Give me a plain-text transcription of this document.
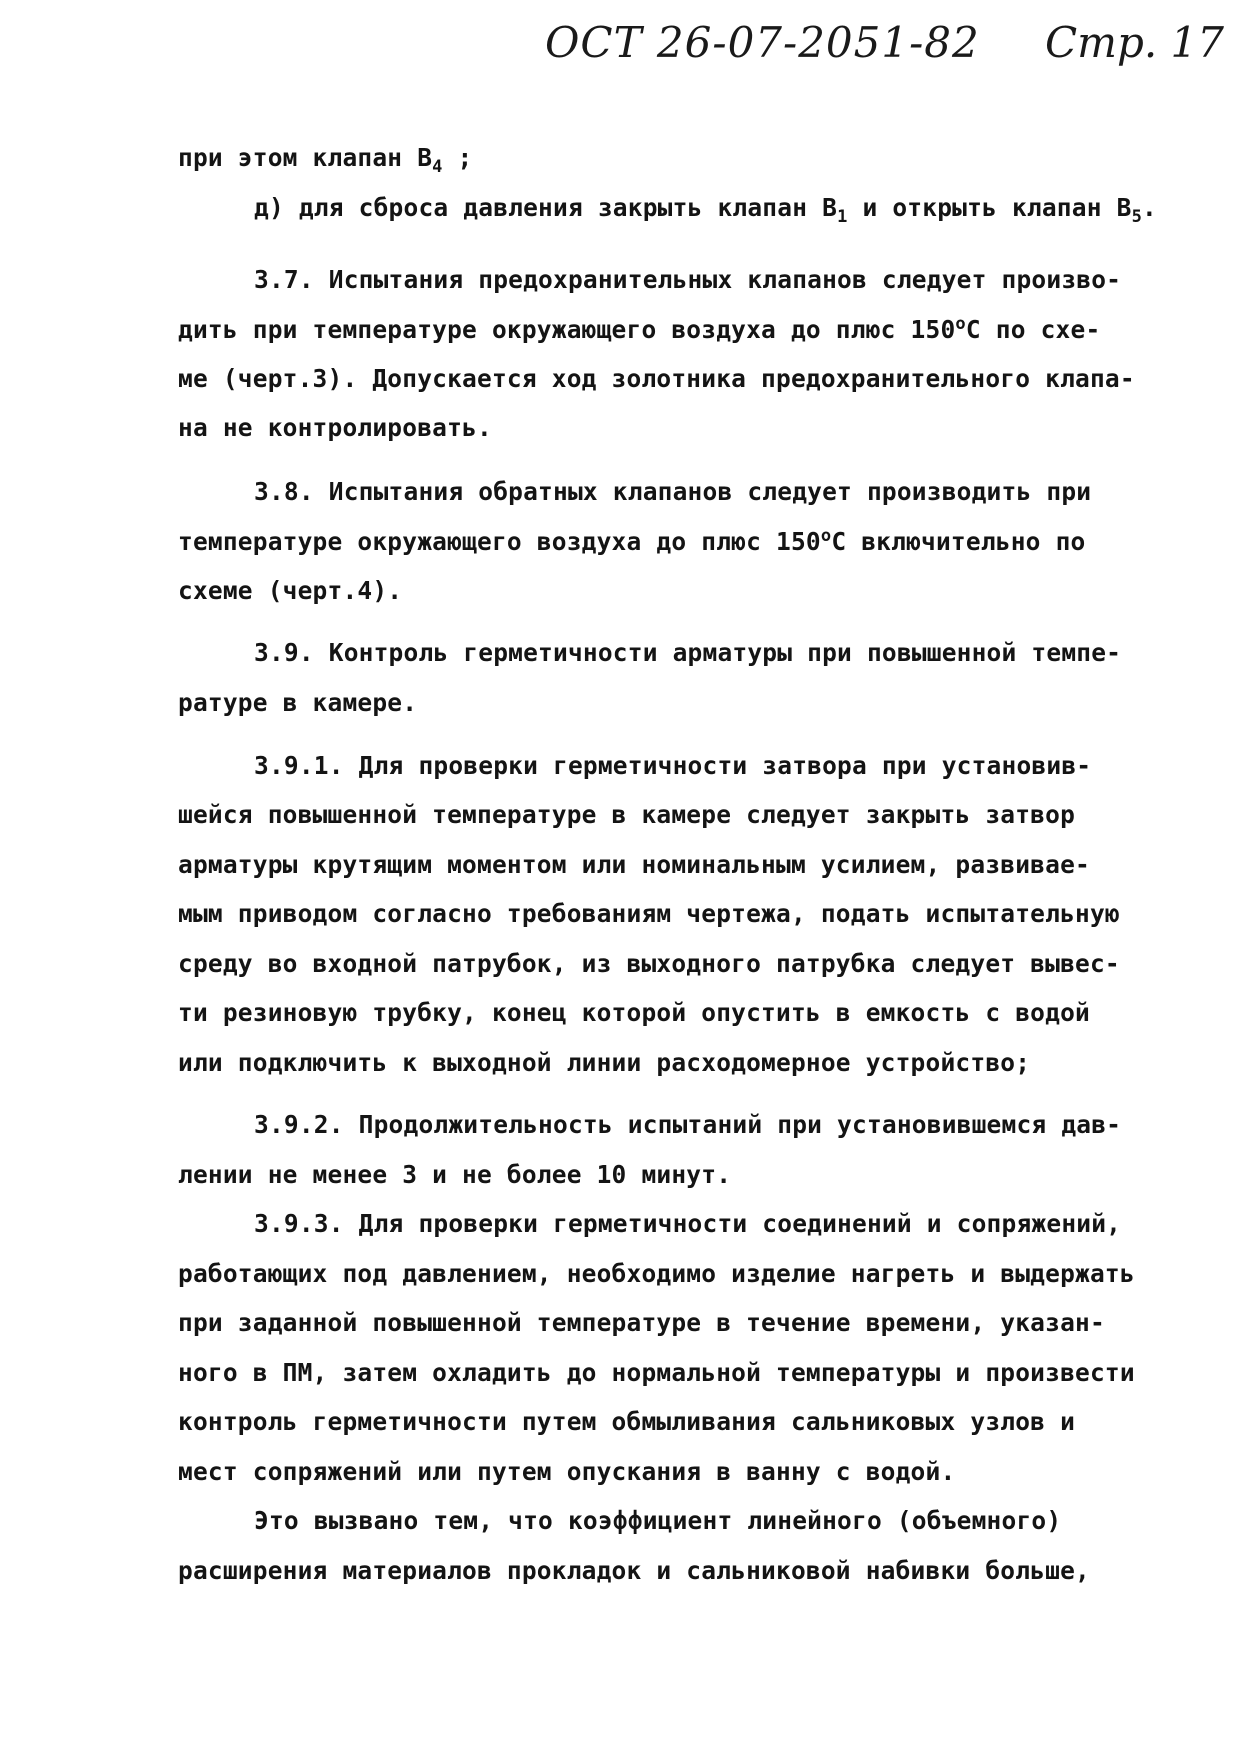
ОСТ 26-07-2051-82 Стр. 17
при этом клапан $В_4$ ;
д) для сброса давления закрыть клапан $В_1$ и открыть клапан $В_5$.
3.7. Испытания предохранительных клапанов следует произво-
дить при температуре окружающего воздуха до плюс $150^оС$ по схе-
ме (черт.3). Допускается ход золотника предохранительного клапа-
на не контролировать.
3.8. Испытания обратных клапанов следует производить при
температуре окружающего воздуха до плюс $150^оС$ включительно по
схеме (черт.4).
3.9. Контроль герметичности арматуры при повышенной темпе-
ратуре в камере.
3.9.1. Для проверки герметичности затвора при установив-
шейся повышенной температуре в камере следует закрыть затвор
арматуры крутящим моментом или номинальным усилием, развивае-
мым приводом согласно требованиям чертежа, подать испытательную
среду во входной патрубок, из выходного патрубка следует вывес-
ти резиновую трубку, конец которой опустить в емкость с водой
или подключить к выходной линии расходомерное устройство;
3.9.2. Продолжительность испытаний при установившемся дав-
лении не менее 3 и не более 10 минут.
3.9.3. Для проверки герметичности соединений и сопряжений,
работающих под давлением, необходимо изделие нагреть и выдержать
при заданной повышенной температуре в течение времени, указан-
ного в ПМ, затем охладить до нормальной температуры и произвести
контроль герметичности путем обмыливания сальниковых узлов и
мест сопряжений или путем опускания в ванну с водой.
Это вызвано тем, что коэффициент линейного (объемного)
расширения материалов прокладок и сальниковой набивки больше,
